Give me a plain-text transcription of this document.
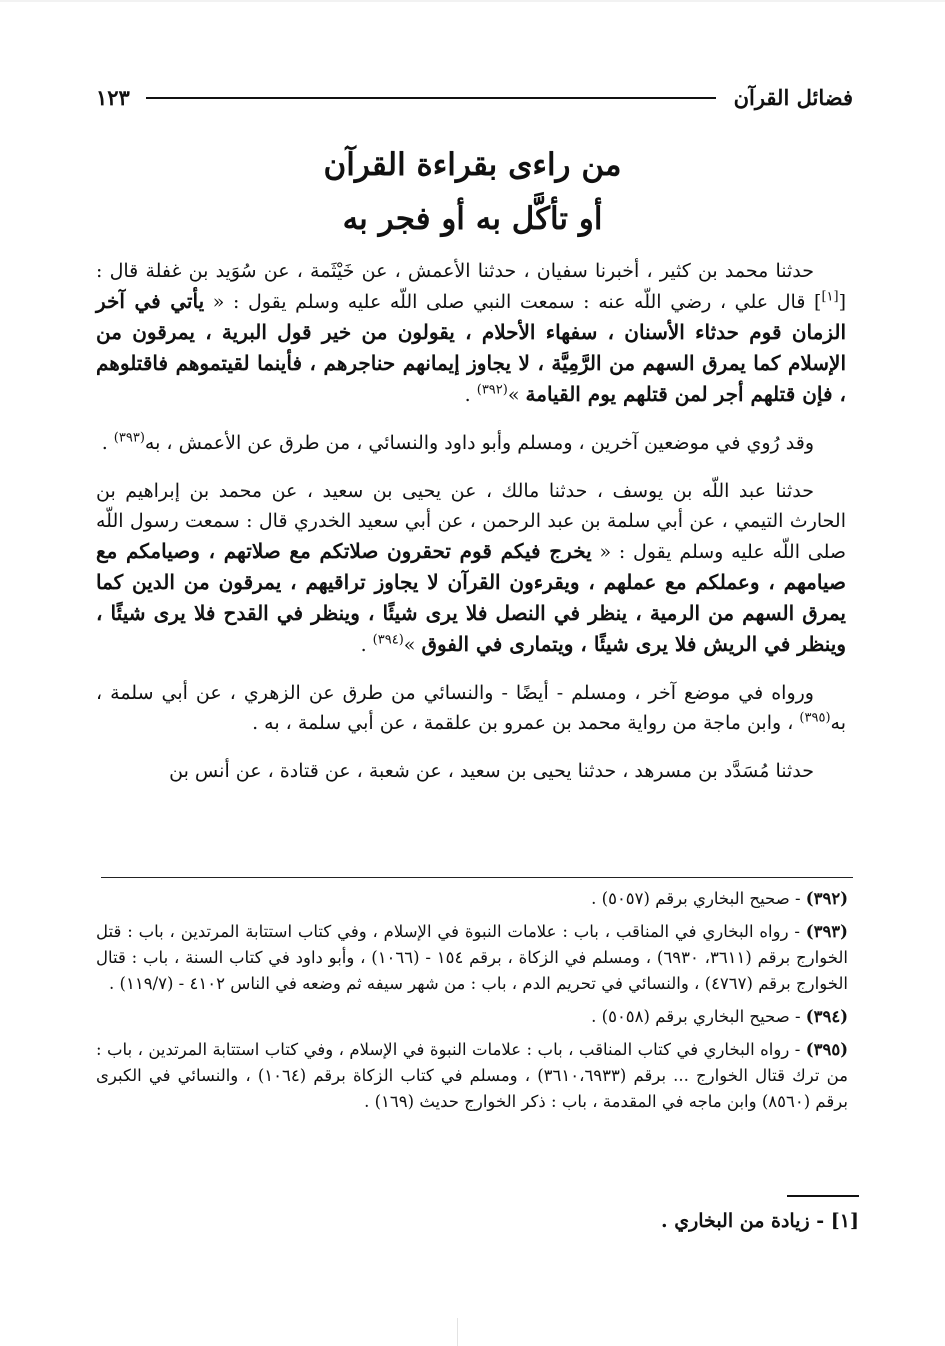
فضائل القرآن
١٢٣
من راءى بقراءة القرآن
أو تأكَّل به أو فجر به

حدثنا محمد بن كثير ، أخبرنا سفيان ، حدثنا الأعمش ، عن خَيْثَمة ، عن سُوَيد بن غفلة قال : [[١]] قال علي ، رضي اللّه عنه : سمعت النبي صلى اللّه عليه وسلم يقول : « يأتي في آخر الزمان قوم حدثاء الأسنان ، سفهاء الأحلام ، يقولون من خير قول البرية ، يمرقون من الإسلام كما يمرق السهم من الرَّمِيَّة ، لا يجاوز إيمانهم حناجرهم ، فأينما لقيتموهم فاقتلوهم ، فإن قتلهم أجر لمن قتلهم يوم القيامة »$^{(٣٩٢)}$ .

وقد رُوي في موضعين آخرين ، ومسلم وأبو داود والنسائي ، من طرق عن الأعمش ، به$^{(٣٩٣)}$ .

حدثنا عبد اللّه بن يوسف ، حدثنا مالك ، عن يحيى بن سعيد ، عن محمد بن إبراهيم بن الحارث التيمي ، عن أبي سلمة بن عبد الرحمن ، عن أبي سعيد الخدري قال : سمعت رسول اللّه صلى اللّه عليه وسلم يقول : « يخرج فيكم قوم تحقرون صلاتكم مع صلاتهم ، وصيامكم مع صيامهم ، وعملكم مع عملهم ، ويقرءون القرآن لا يجاوز تراقيهم ، يمرقون من الدين كما يمرق السهم من الرمية ، ينظر في النصل فلا يرى شيئًا ، وينظر في القدح فلا يرى شيئًا ، وينظر في الريش فلا يرى شيئًا ، ويتمارى في الفوق »$^{(٣٩٤)}$ .

ورواه في موضع آخر ، ومسلم - أيضًا - والنسائي من طرق عن الزهري ، عن أبي سلمة ، به$^{(٣٩٥)}$ ، وابن ماجة من رواية محمد بن عمرو بن علقمة ، عن أبي سلمة ، به .

حدثنا مُسَدَّد بن مسرهد ، حدثنا يحيى بن سعيد ، عن شعبة ، عن قتادة ، عن أنس بن

(٣٩٢) - صحيح البخاري برقم (٥٠٥٧) .

(٣٩٣) - رواه البخاري في المناقب ، باب : علامات النبوة في الإسلام ، وفي كتاب استتابة المرتدين ، باب : قتل الخوارج برقم (٣٦١١، ٦٩٣٠) ، ومسلم في الزكاة ، برقم ١٥٤ - (١٠٦٦) ، وأبو داود في كتاب السنة ، باب : قتال الخوارج برقم (٤٧٦٧) ، والنسائي في تحريم الدم ، باب : من شهر سيفه ثم وضعه في الناس ٤١٠٢ - (١١٩/٧) .

(٣٩٤) - صحيح البخاري برقم (٥٠٥٨) .

(٣٩٥) - رواه البخاري في كتاب المناقب ، باب : علامات النبوة في الإسلام ، وفي كتاب استتابة المرتدين ، باب : من ترك قتال الخوارج ... برقم (٣٦١٠،٦٩٣٣) ، ومسلم في كتاب الزكاة برقم (١٠٦٤) ، والنسائي في الكبرى برقم (٨٥٦٠) وابن ماجه في المقدمة ، باب : ذكر الخوارج حديث (١٦٩) .

[١] - زيادة من البخاري .
